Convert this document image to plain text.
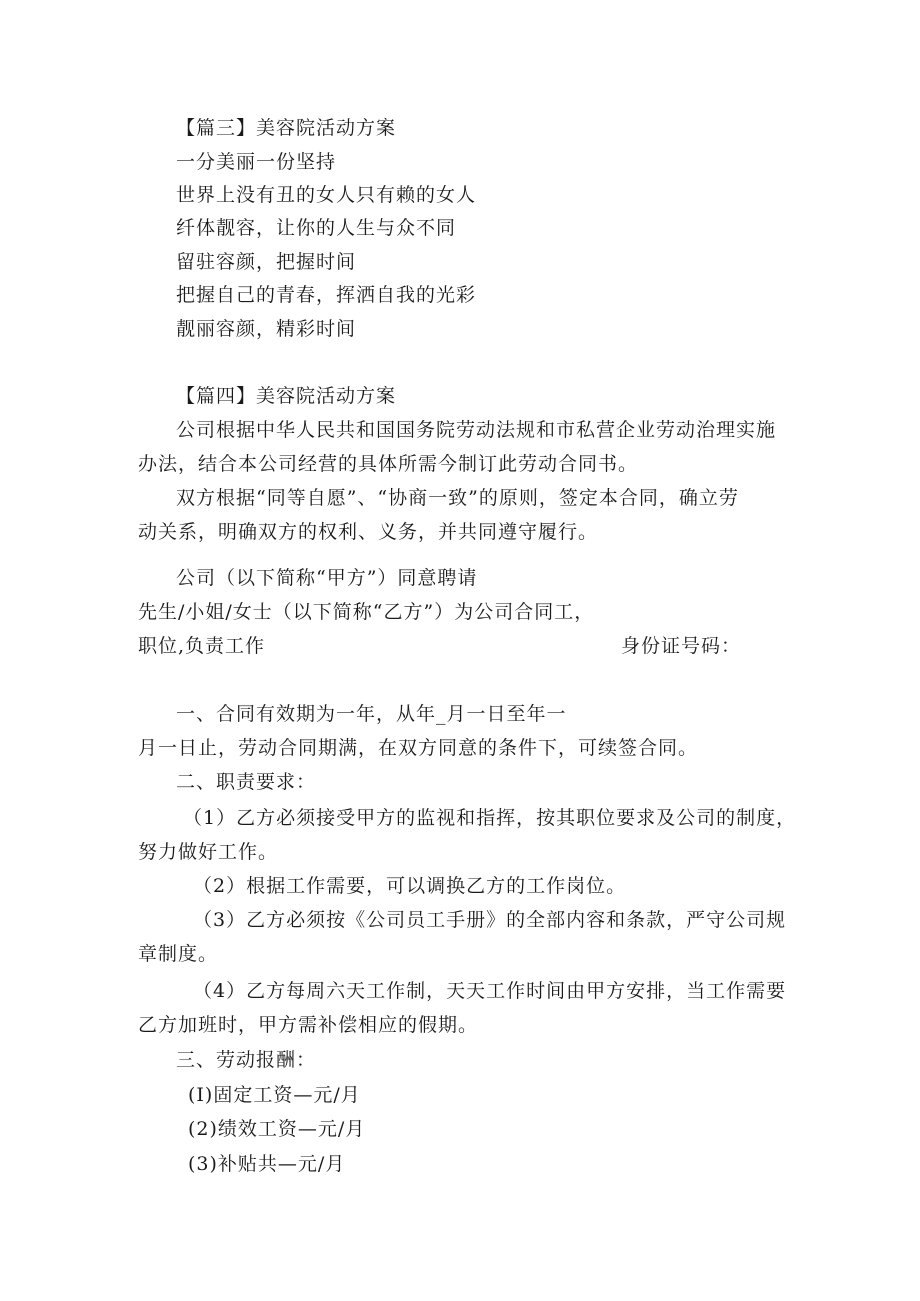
【篇三】美容院活动方案
一分美丽一份坚持
世界上没有丑的女人只有赖的女人
纤体靓容，让你的人生与众不同
留驻容颜，把握时间
把握自己的青春，挥洒自我的光彩
靓丽容颜，精彩时间
【篇四】美容院活动方案
公司根据中华人民共和国国务院劳动法规和市私营企业劳动治理实施
办法，结合本公司经营的具体所需今制订此劳动合同书。
双方根据“同等自愿”、“协商一致”的原则，签定本合同，确立劳
动关系，明确双方的权利、义务，并共同遵守履行。
公司（以下简称“甲方”）同意聘请
先生/小姐/女士（以下简称“乙方”）为公司合同工，
职位,负责工作	身份证号码：
一、合同有效期为一年，从年_月一日至年一
月一日止，劳动合同期满，在双方同意的条件下，可续签合同。
二、职责要求：
（1）乙方必须接受甲方的监视和指挥，按其职位要求及公司的制度，
努力做好工作。
（2）根据工作需要，可以调换乙方的工作岗位。
（3）乙方必须按《公司员工手册》的全部内容和条款，严守公司规
章制度。
（4）乙方每周六天工作制，天天工作时间由甲方安排，当工作需要
乙方加班时，甲方需补偿相应的假期。
三、劳动报酬：
(I)固定工资—元/月
(2)绩效工资—元/月
(3)补贴共—元/月
